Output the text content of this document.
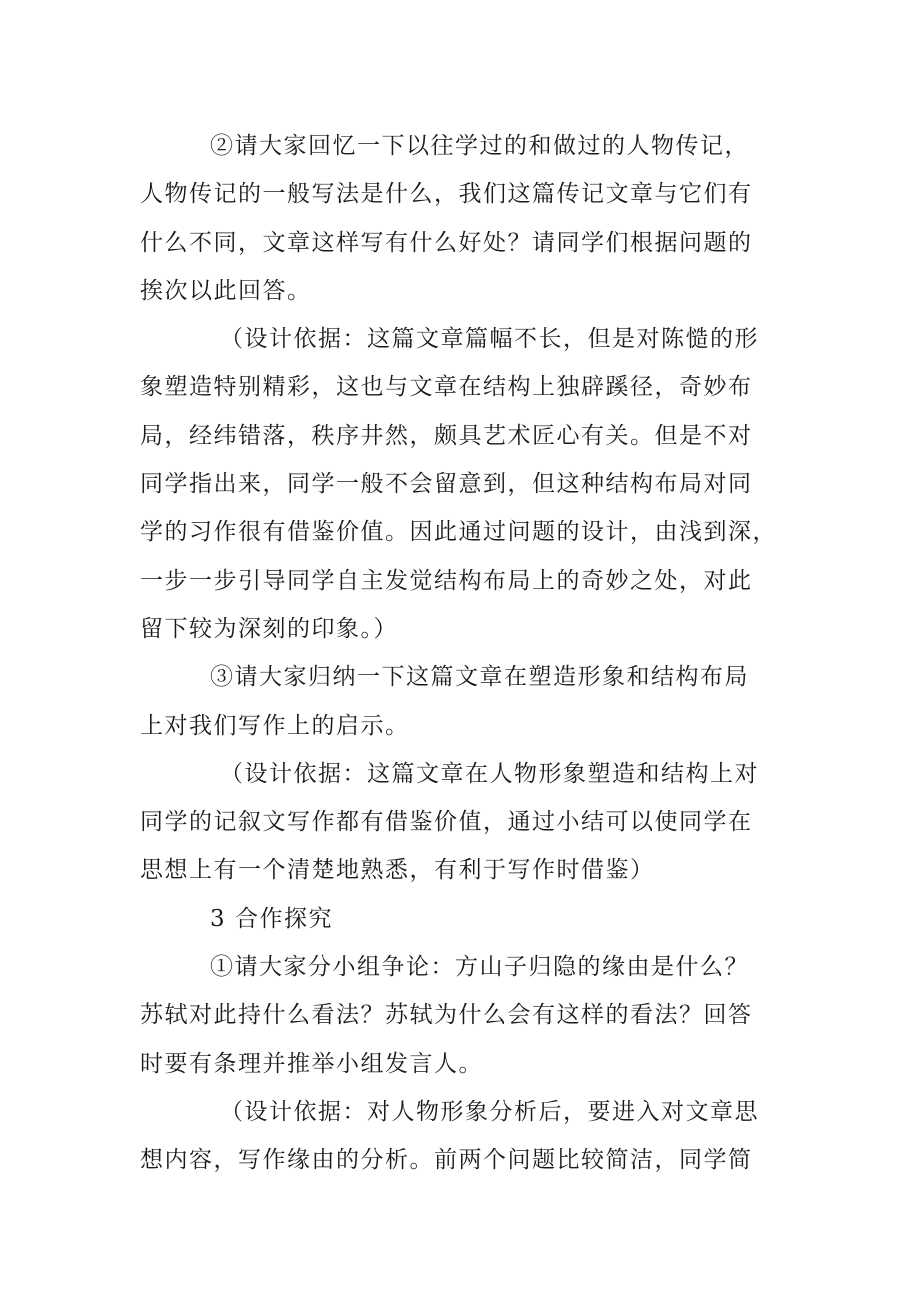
②请大家回忆一下以往学过的和做过的人物传记，
人物传记的一般写法是什么，我们这篇传记文章与它们有
什么不同，文章这样写有什么好处？请同学们根据问题的
挨次以此回答。

（设计依据：这篇文章篇幅不长，但是对陈慥的形
象塑造特别精彩，这也与文章在结构上独辟蹊径，奇妙布
局，经纬错落，秩序井然，颇具艺术匠心有关。但是不对
同学指出来，同学一般不会留意到，但这种结构布局对同
学的习作很有借鉴价值。因此通过问题的设计，由浅到深，
一步一步引导同学自主发觉结构布局上的奇妙之处，对此
留下较为深刻的印象。）

③请大家归纳一下这篇文章在塑造形象和结构布局
上对我们写作上的启示。

（设计依据：这篇文章在人物形象塑造和结构上对
同学的记叙文写作都有借鉴价值，通过小结可以使同学在
思想上有一个清楚地熟悉，有利于写作时借鉴）

3 合作探究

①请大家分小组争论：方山子归隐的缘由是什么？
苏轼对此持什么看法？苏轼为什么会有这样的看法？回答
时要有条理并推举小组发言人。

（设计依据：对人物形象分析后，要进入对文章思
想内容，写作缘由的分析。前两个问题比较简洁，同学简
